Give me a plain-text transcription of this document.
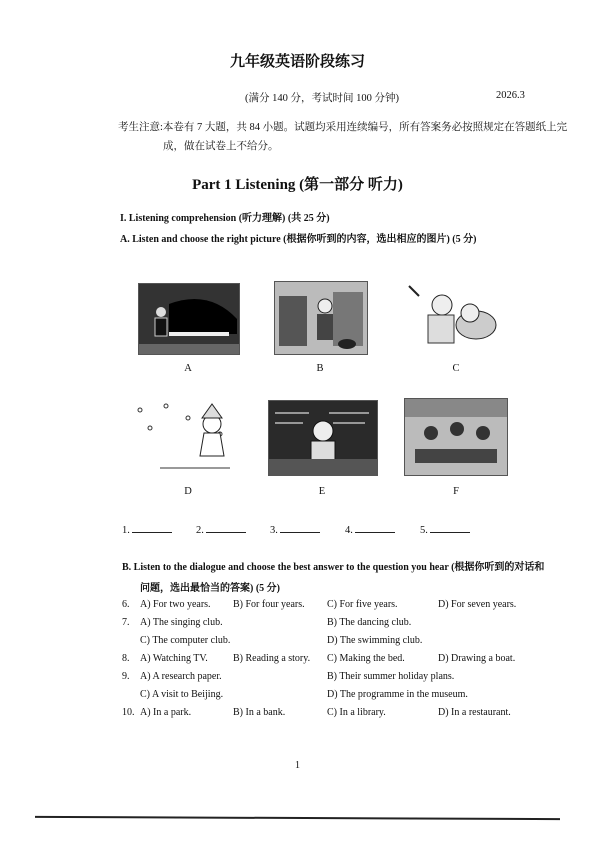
九年级英语阶段练习
(满分 140 分，考试时间 100 分钟)	2026.3
考生注意:本卷有 7 大题，共 84 小题。试题均采用连续编号，所有答案务必按照规定在答题纸上完
成，做在试卷上不给分。
Part 1 Listening (第一部分 听力)
I. Listening comprehension (听力理解) (共 25 分)
A. Listen and choose the right picture (根据你听到的内容，选出相应的图片) (5 分)
A	B	C
D	E	F
1.	2.	3.	4.	5.
B. Listen to the dialogue and choose the best answer to the question you hear (根据你听到的对话和
问题，选出最恰当的答案) (5 分)
6. A) For two years. B) For four years. C) For five years.	D) For seven years.
7. A) The singing club.	B) The dancing club.
C) The computer club.	D) The swimming club.
8. A) Watching TV.	B) Reading a story. C) Making the bed.	D) Drawing a boat.
9. A) A research paper.	B) Their summer holiday plans.
C) A visit to Beijing.	D) The programme in the museum.
10. A) In a park.	B) In a bank.	C) In a library.	D) In a restaurant.
1
